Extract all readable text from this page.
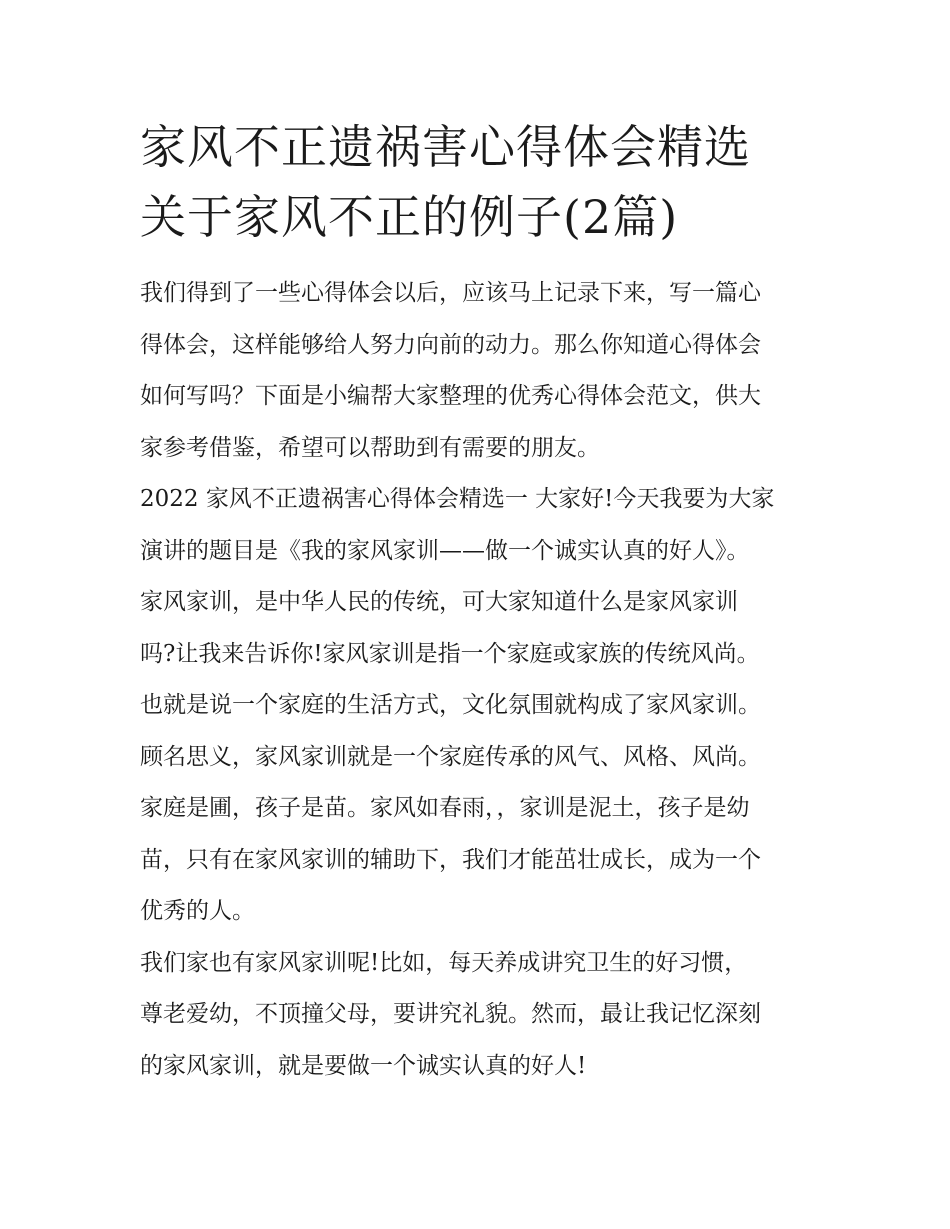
家风不正遗祸害心得体会精选
关于家风不正的例子(2篇)

我们得到了一些心得体会以后，应该马上记录下来，写一篇心
得体会，这样能够给人努力向前的动力。那么你知道心得体会
如何写吗？下面是小编帮大家整理的优秀心得体会范文，供大
家参考借鉴，希望可以帮助到有需要的朋友。

2022 家风不正遗祸害心得体会精选一 大家好!今天我要为大家
演讲的题目是《我的家风家训——做一个诚实认真的好人》。
家风家训，是中华人民的传统，可大家知道什么是家风家训
吗?让我来告诉你!家风家训是指一个家庭或家族的传统风尚。
也就是说一个家庭的生活方式，文化氛围就构成了家风家训。
顾名思义，家风家训就是一个家庭传承的风气、风格、风尚。
家庭是圃，孩子是苗。家风如春雨，，家训是泥土，孩子是幼
苗，只有在家风家训的辅助下，我们才能茁壮成长，成为一个
优秀的人。

我们家也有家风家训呢!比如，每天养成讲究卫生的好习惯，
尊老爱幼，不顶撞父母，要讲究礼貌。然而，最让我记忆深刻
的家风家训，就是要做一个诚实认真的好人!
